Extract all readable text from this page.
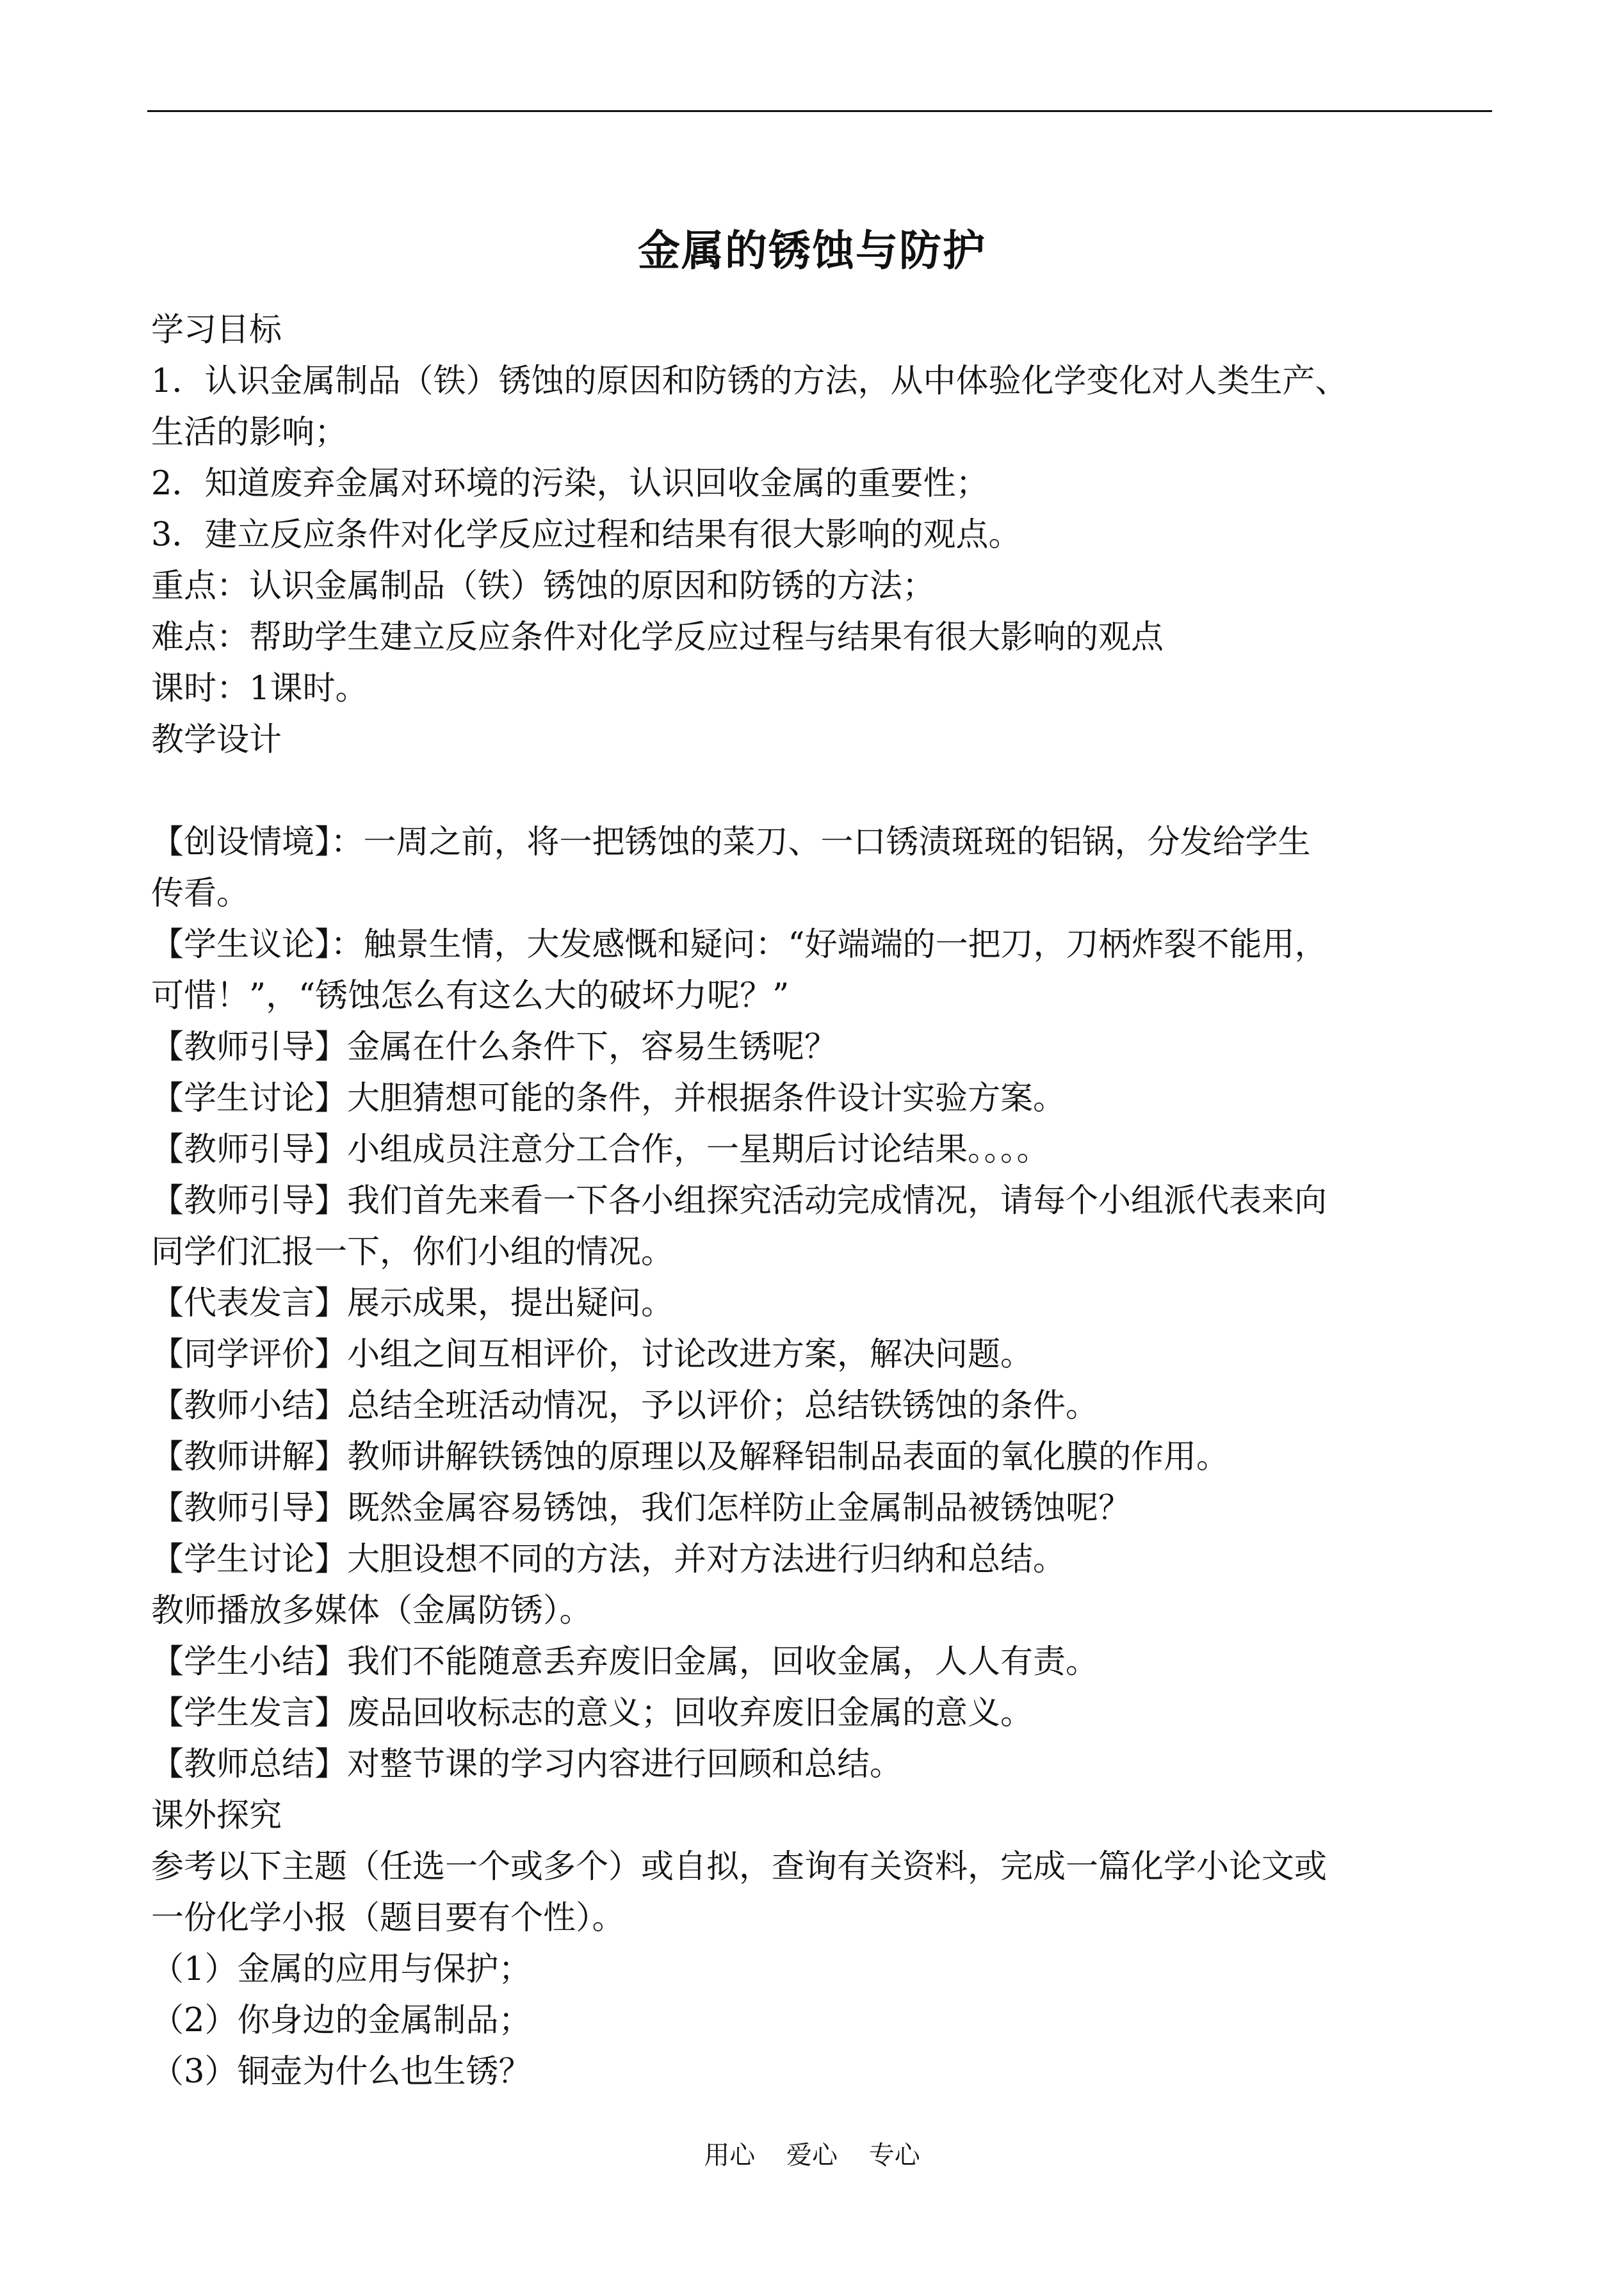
金属的锈蚀与防护
学习目标
1．认识金属制品（铁）锈蚀的原因和防锈的方法，从中体验化学变化对人类生产、
生活的影响；
2．知道废弃金属对环境的污染，认识回收金属的重要性；
3．建立反应条件对化学反应过程和结果有很大影响的观点。
重点：认识金属制品（铁）锈蚀的原因和防锈的方法；
难点：帮助学生建立反应条件对化学反应过程与结果有很大影响的观点
课时：1课时。
教学设计
【创设情境】：一周之前，将一把锈蚀的菜刀、一口锈渍斑斑的铝锅，分发给学生
传看。
【学生议论】：触景生情，大发感慨和疑问：“好端端的一把刀，刀柄炸裂不能用，
可惜！”，“锈蚀怎么有这么大的破坏力呢？”
【教师引导】金属在什么条件下，容易生锈呢？
【学生讨论】大胆猜想可能的条件，并根据条件设计实验方案。
【教师引导】小组成员注意分工合作，一星期后讨论结果。。。。
【教师引导】我们首先来看一下各小组探究活动完成情况，请每个小组派代表来向
同学们汇报一下，你们小组的情况。
【代表发言】展示成果，提出疑问。
【同学评价】小组之间互相评价，讨论改进方案，解决问题。
【教师小结】总结全班活动情况，予以评价；总结铁锈蚀的条件。
【教师讲解】教师讲解铁锈蚀的原理以及解释铝制品表面的氧化膜的作用。
【教师引导】既然金属容易锈蚀，我们怎样防止金属制品被锈蚀呢？
【学生讨论】大胆设想不同的方法，并对方法进行归纳和总结。
教师播放多媒体（金属防锈）。
【学生小结】我们不能随意丢弃废旧金属，回收金属，人人有责。
【学生发言】废品回收标志的意义；回收弃废旧金属的意义。
【教师总结】对整节课的学习内容进行回顾和总结。
课外探究
参考以下主题（任选一个或多个）或自拟，查询有关资料，完成一篇化学小论文或
一份化学小报（题目要有个性）。
（1）金属的应用与保护；
（2）你身边的金属制品；
（3）铜壶为什么也生锈？
用心 爱心 专心
